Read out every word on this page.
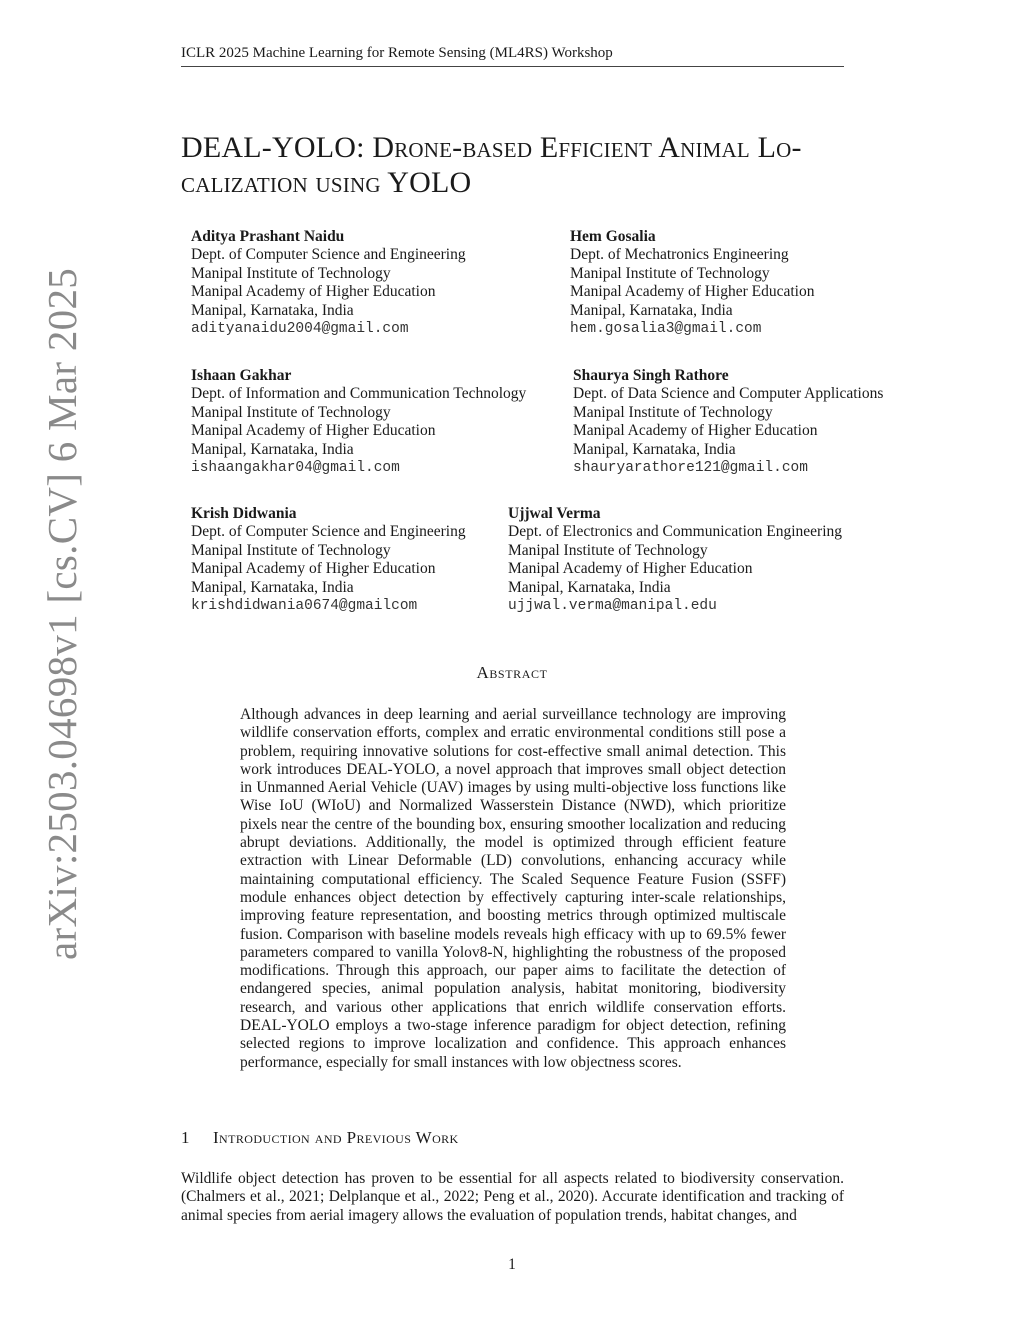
ICLR 2025 Machine Learning for Remote Sensing (ML4RS) Workshop
arXiv:2503.04698v1 [cs.CV] 6 Mar 2025
DEAL-YOLO: Drone-based Efficient Animal Lo-
calization using YOLO
Aditya Prashant Naidu
Dept. of Computer Science and Engineering
Manipal Institute of Technology
Manipal Academy of Higher Education
Manipal, Karnataka, India
adityanaidu2004@gmail.com
Hem Gosalia
Dept. of Mechatronics Engineering
Manipal Institute of Technology
Manipal Academy of Higher Education
Manipal, Karnataka, India
hem.gosalia3@gmail.com
Ishaan Gakhar
Dept. of Information and Communication Technology
Manipal Institute of Technology
Manipal Academy of Higher Education
Manipal, Karnataka, India
ishaangakhar04@gmail.com
Shaurya Singh Rathore
Dept. of Data Science and Computer Applications
Manipal Institute of Technology
Manipal Academy of Higher Education
Manipal, Karnataka, India
shauryarathore121@gmail.com
Krish Didwania
Dept. of Computer Science and Engineering
Manipal Institute of Technology
Manipal Academy of Higher Education
Manipal, Karnataka, India
krishdidwania0674@gmailcom
Ujjwal Verma
Dept. of Electronics and Communication Engineering
Manipal Institute of Technology
Manipal Academy of Higher Education
Manipal, Karnataka, India
ujjwal.verma@manipal.edu
Abstract
Although advances in deep learning and aerial surveillance technology are improving wildlife conservation efforts, complex and erratic environmental conditions still pose a problem, requiring innovative solutions for cost-effective small animal detection. This work introduces DEAL-YOLO, a novel approach that improves small object detection in Unmanned Aerial Vehicle (UAV) images by using multi-objective loss functions like Wise IoU (WIoU) and Normalized Wasserstein Distance (NWD), which prioritize pixels near the centre of the bounding box, ensuring smoother localization and reducing abrupt deviations. Additionally, the model is optimized through efficient feature extraction with Linear Deformable (LD) convolutions, enhancing accuracy while maintaining computational efficiency. The Scaled Sequence Feature Fusion (SSFF) module enhances object detection by effectively capturing inter-scale relationships, improving feature representation, and boosting metrics through optimized multiscale fusion. Comparison with baseline models reveals high efficacy with up to 69.5% fewer parameters compared to vanilla Yolov8-N, highlighting the robustness of the proposed modifications. Through this approach, our paper aims to facilitate the detection of endangered species, animal population analysis, habitat monitoring, biodiversity research, and various other applications that enrich wildlife conservation efforts. DEAL-YOLO employs a two-stage inference paradigm for object detection, refining selected regions to improve localization and confidence. This approach enhances performance, especially for small instances with low objectness scores.
1 Introduction and Previous Work
Wildlife object detection has proven to be essential for all aspects related to biodiversity conservation. (Chalmers et al., 2021; Delplanque et al., 2022; Peng et al., 2020). Accurate identification and tracking of animal species from aerial imagery allows the evaluation of population trends, habitat changes, and
1
